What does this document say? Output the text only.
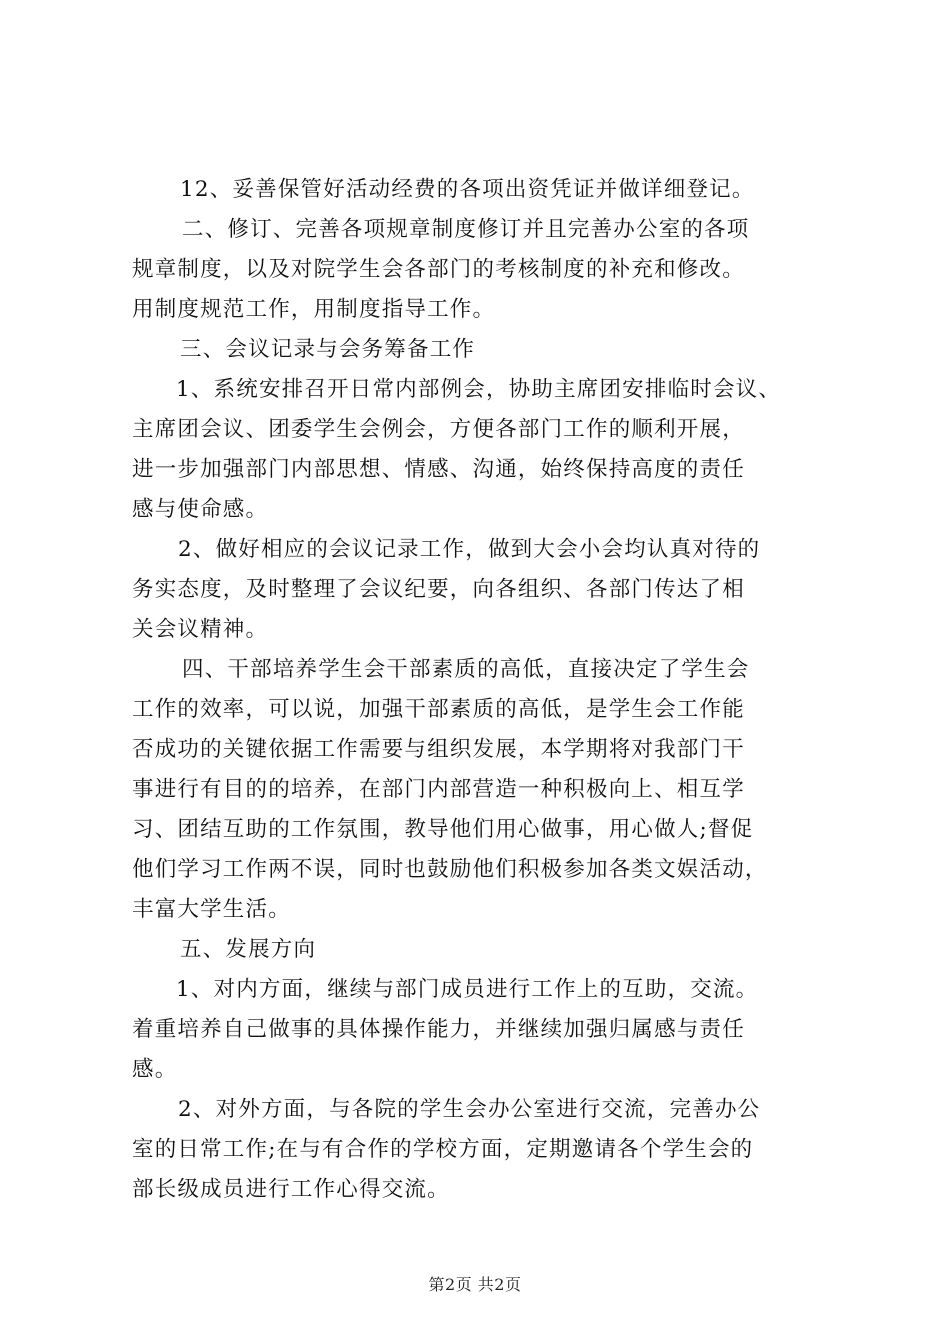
12、妥善保管好活动经费的各项出资凭证并做详细登记。
二、修订、完善各项规章制度修订并且完善办公室的各项
规章制度，以及对院学生会各部门的考核制度的补充和修改。
用制度规范工作，用制度指导工作。
三、会议记录与会务筹备工作
1、系统安排召开日常内部例会，协助主席团安排临时会议、
主席团会议、团委学生会例会，方便各部门工作的顺利开展，
进一步加强部门内部思想、情感、沟通，始终保持高度的责任
感与使命感。
2、做好相应的会议记录工作，做到大会小会均认真对待的
务实态度，及时整理了会议纪要，向各组织、各部门传达了相
关会议精神。
四、干部培养学生会干部素质的高低，直接决定了学生会
工作的效率，可以说，加强干部素质的高低，是学生会工作能
否成功的关键依据工作需要与组织发展，本学期将对我部门干
事进行有目的的培养，在部门内部营造一种积极向上、相互学
习、团结互助的工作氛围，教导他们用心做事，用心做人;督促
他们学习工作两不误，同时也鼓励他们积极参加各类文娱活动，
丰富大学生活。
五、发展方向
1、对内方面，继续与部门成员进行工作上的互助，交流。
着重培养自己做事的具体操作能力，并继续加强归属感与责任
感。
2、对外方面，与各院的学生会办公室进行交流，完善办公
室的日常工作;在与有合作的学校方面，定期邀请各个学生会的
部长级成员进行工作心得交流。
第2页 共2页
